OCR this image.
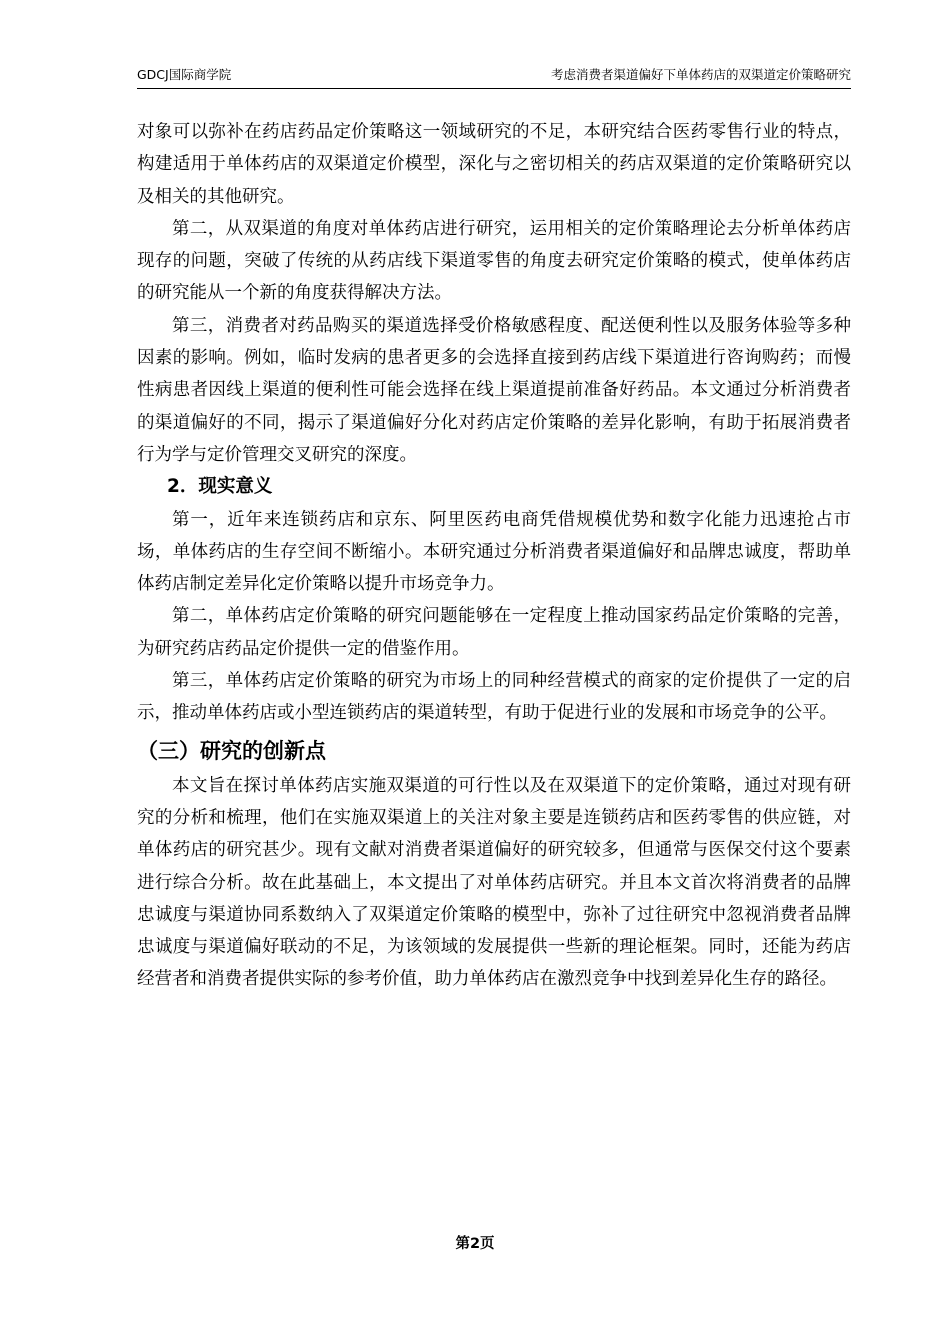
GDCJ国际商学院	考虑消费者渠道偏好下单体药店的双渠道定价策略研究

对象可以弥补在药店药品定价策略这一领域研究的不足，本研究结合医药零售行业的特点，构建适用于单体药店的双渠道定价模型，深化与之密切相关的药店双渠道的定价策略研究以及相关的其他研究。

第二，从双渠道的角度对单体药店进行研究，运用相关的定价策略理论去分析单体药店现存的问题，突破了传统的从药店线下渠道零售的角度去研究定价策略的模式，使单体药店的研究能从一个新的角度获得解决方法。

第三，消费者对药品购买的渠道选择受价格敏感程度、配送便利性以及服务体验等多种因素的影响。例如，临时发病的患者更多的会选择直接到药店线下渠道进行咨询购药；而慢性病患者因线上渠道的便利性可能会选择在线上渠道提前准备好药品。本文通过分析消费者的渠道偏好的不同，揭示了渠道偏好分化对药店定价策略的差异化影响，有助于拓展消费者行为学与定价管理交叉研究的深度。

2．现实意义

第一，近年来连锁药店和京东、阿里医药电商凭借规模优势和数字化能力迅速抢占市场，单体药店的生存空间不断缩小。本研究通过分析消费者渠道偏好和品牌忠诚度，帮助单体药店制定差异化定价策略以提升市场竞争力。

第二，单体药店定价策略的研究问题能够在一定程度上推动国家药品定价策略的完善，为研究药店药品定价提供一定的借鉴作用。

第三，单体药店定价策略的研究为市场上的同种经营模式的商家的定价提供了一定的启示，推动单体药店或小型连锁药店的渠道转型，有助于促进行业的发展和市场竞争的公平。

（三）研究的创新点

本文旨在探讨单体药店实施双渠道的可行性以及在双渠道下的定价策略，通过对现有研究的分析和梳理，他们在实施双渠道上的关注对象主要是连锁药店和医药零售的供应链，对单体药店的研究甚少。现有文献对消费者渠道偏好的研究较多，但通常与医保交付这个要素进行综合分析。故在此基础上，本文提出了对单体药店研究。并且本文首次将消费者的品牌忠诚度与渠道协同系数纳入了双渠道定价策略的模型中，弥补了过往研究中忽视消费者品牌忠诚度与渠道偏好联动的不足，为该领域的发展提供一些新的理论框架。同时，还能为药店经营者和消费者提供实际的参考价值，助力单体药店在激烈竞争中找到差异化生存的路径。

第2页
